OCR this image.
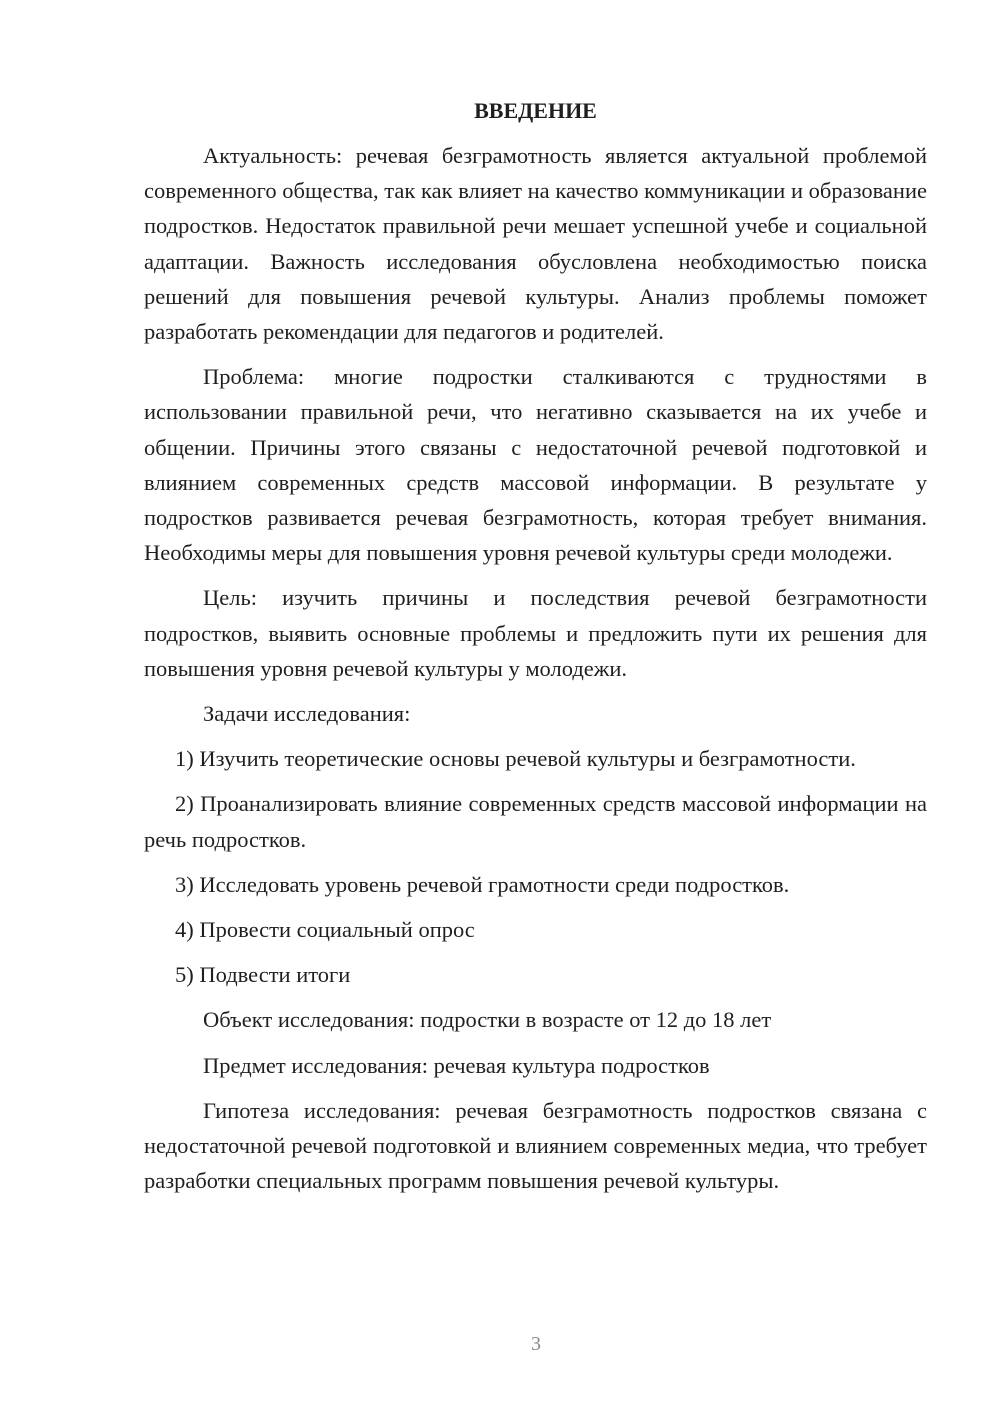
ВВЕДЕНИЕ
Актуальность: речевая безграмотность является актуальной проблемой современного общества, так как влияет на качество коммуникации и образование подростков. Недостаток правильной речи мешает успешной учебе и социальной адаптации. Важность исследования обусловлена необходимостью поиска решений для повышения речевой культуры. Анализ проблемы поможет разработать рекомендации для педагогов и родителей.
Проблема: многие подростки сталкиваются с трудностями в использовании правильной речи, что негативно сказывается на их учебе и общении. Причины этого связаны с недостаточной речевой подготовкой и влиянием современных средств массовой информации. В результате у подростков развивается речевая безграмотность, которая требует внимания. Необходимы меры для повышения уровня речевой культуры среди молодежи.
Цель: изучить причины и последствия речевой безграмотности подростков, выявить основные проблемы и предложить пути их решения для повышения уровня речевой культуры у молодежи.
Задачи исследования:
1) Изучить теоретические основы речевой культуры и безграмотности.
2) Проанализировать влияние современных средств массовой информации на речь подростков.
3) Исследовать уровень речевой грамотности среди подростков.
4) Провести социальный опрос
5) Подвести итоги
Объект исследования: подростки в возрасте от 12 до 18 лет
Предмет исследования: речевая культура подростков
Гипотеза исследования: речевая безграмотность подростков связана с недостаточной речевой подготовкой и влиянием современных медиа, что требует разработки специальных программ повышения речевой культуры.
3
